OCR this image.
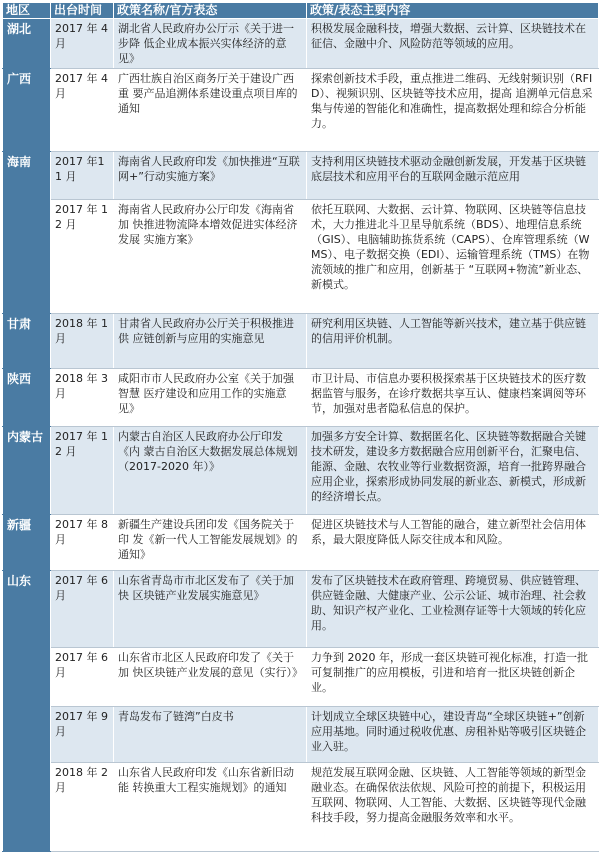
地区	出台时间	政策名称/官方表态	政策/表态主要内容
湖北	2017 年 4 月	湖北省人民政府办公厅示《关于进一步降 低企业成本振兴实体经济的意见》	积极发展金融科技，增强大数据、云计算、区块链技术在征信、金融中介、风险防范等领域的应用。
广西	2017 年 4 月	广西壮族自治区商务厅关于建设广西重 要产品追溯体系建设重点项目库的通知	探索创新技术手段，重点推进二维码、无线射频识别（RFID）、视频识别、区块链等技术应用，提高 追溯单元信息采集与传递的智能化和准确性，提高数据处理和综合分析能力。
海南	2017 年11 月	海南省人民政府印发《加快推进“互联 网+”行动实施方案》	支持利用区块链技术驱动金融创新发展，开发基于区块链底层技术和应用平台的互联网金融示范应用
	2017 年 12 月	海南省人民政府办公厅印发《海南省加 快推进物流降本增效促进实体经济发展 实施方案》	依托互联网、大数据、云计算、物联网、区块链等信息技术，大力推进北斗卫星导航系统（BDS）、地理信息系统（GIS）、电脑辅助拣货系统（CAPS）、仓库管理系统（WMS）、电子数据交换（EDI）、运输管理系统（TMS）在物流领域的推广和应用，创新基于 “互联网+物流”新业态、新模式。
甘肃	2018 年 1 月	甘肃省人民政府办公厅关于积极推进供 应链创新与应用的实施意见	研究利用区块链、人工智能等新兴技术，建立基于供应链的信用评价机制。
陕西	2018 年 3 月	咸阳市市人民政府办公室《关于加强智慧 医疗建设和应用工作的实施意见》	市卫计局、市信息办要积极探索基于区块链技术的医疗数据监管与服务，在诊疗数据共享互认、健康档案调阅等环节，加强对患者隐私信息的保护。
内蒙古	2017 年 12 月	内蒙古自治区人民政府办公厅印发《内 蒙古自治区大数据发展总体规划 （2017-2020 年）》	加强多方安全计算、数据匿名化、区块链等数据融合关键技术研发，建设多方数据融合应用创新平台，汇聚电信、能源、金融、农牧业等行业数据资源，培育一批跨界融合应用企业，探索形成协同发展的新业态、新模式，形成新的经济增长点。
新疆	2017 年 8 月	新疆生产建设兵团印发《国务院关于印 发《新一代人工智能发展规划》的通知》	促进区块链技术与人工智能的融合，建立新型社会信用体系，最大限度降低人际交往成本和风险。
山东	2017 年 6 月	山东省青岛市市北区发布了《关于加快 区块链产业发展实施意见》	发布了区块链技术在政府管理、跨境贸易、供应链管理、供应链金融、大健康产业、公示公证、城市治理、社会救助、知识产权产业化、工业检测存证等十大领域的转化应用。
	2017 年 6 月	山东省市北区人民政府印发了《关于加 快区块链产业发展的意见（实行）》	力争到 2020 年，形成一套区块链可视化标准，打造一批可复制推广的应用模板，引进和培育一批区块链创新企业。
	2017 年 9 月	青岛发布了链湾”白皮书	计划成立全球区块链中心，建设青岛“全球区块链+”创新应用基地。同时通过税收优惠、房租补贴等吸引区块链企业入驻。
	2018 年 2 月	山东省人民政府印发《山东省新旧动能 转换重大工程实施规划》的通知	规范发展互联网金融、区块链、人工智能等领域的新型金融业态。在确保依法依规、风险可控的前提下，积极运用互联网、物联网、人工智能、大数据、区块链等现代金融科技手段，努力提高金融服务效率和水平。
